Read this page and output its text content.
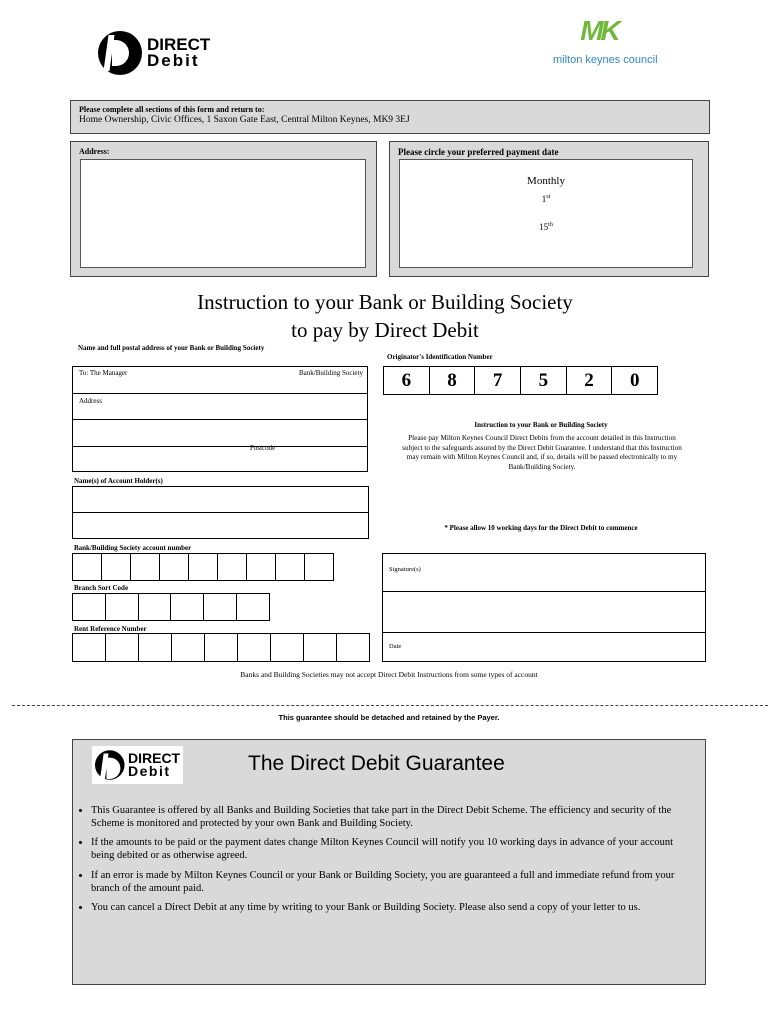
DIRECT
Debit
MK
milton keynes council
Please complete all sections of this form and return to:
Home Ownership, Civic Offices, 1 Saxon Gate East, Central Milton Keynes, MK9 3EJ
Address:	Please circle your preferred payment date
Monthly
1st
15th
Instruction to your Bank or Building Society
to pay by Direct Debit
Name and full postal address of your Bank or Building Society
To: The Manager	Bank/Building Society
Address
Postcode
Name(s) of Account Holder(s)
Bank/Building Society account number
Branch Sort Code
Rent Reference Number
Originator's Identification Number
6	8	7	5	2	0
Instruction to your Bank or Building Society
Please pay Milton Keynes Council Direct Debits from the account detailed in this Instruction subject to the safeguards assured by the Direct Debit Guarantee. I understand that this Instruction may remain with Milton Keynes Council and, if so, details will be passed electronically to my Bank/Building Society.
* Please allow 10 working days for the Direct Debit to commence
Signature(s)
Date
Banks and Building Societies may not accept Direct Debit Instructions from some types of account
This guarantee should be detached and retained by the Payer.
DIRECT
Debit	The Direct Debit Guarantee
• This Guarantee is offered by all Banks and Building Societies that take part in the Direct Debit Scheme. The efficiency and security of the Scheme is monitored and protected by your own Bank and Building Society.
• If the amounts to be paid or the payment dates change Milton Keynes Council will notify you 10 working days in advance of your account being debited or as otherwise agreed.
• If an error is made by Milton Keynes Council or your Bank or Building Society, you are guaranteed a full and immediate refund from your branch of the amount paid.
• You can cancel a Direct Debit at any time by writing to your Bank or Building Society. Please also send a copy of your letter to us.
